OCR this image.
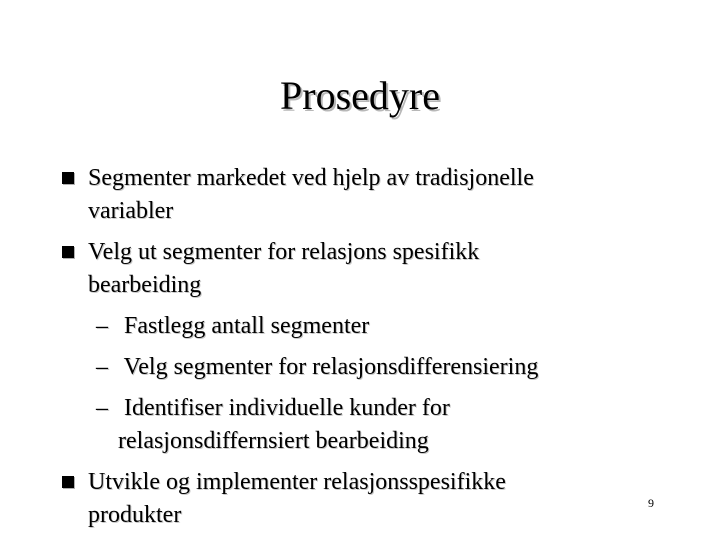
Prosedyre
Segmenter markedet ved hjelp av tradisjonelle
variabler
Velg ut segmenter for relasjons spesifikk
bearbeiding
– Fastlegg antall segmenter
– Velg segmenter for relasjonsdifferensiering
– Identifiser individuelle kunder for
relasjonsdiffernsiert bearbeiding
Utvikle og implementer relasjonsspesifikke
produkter	9
